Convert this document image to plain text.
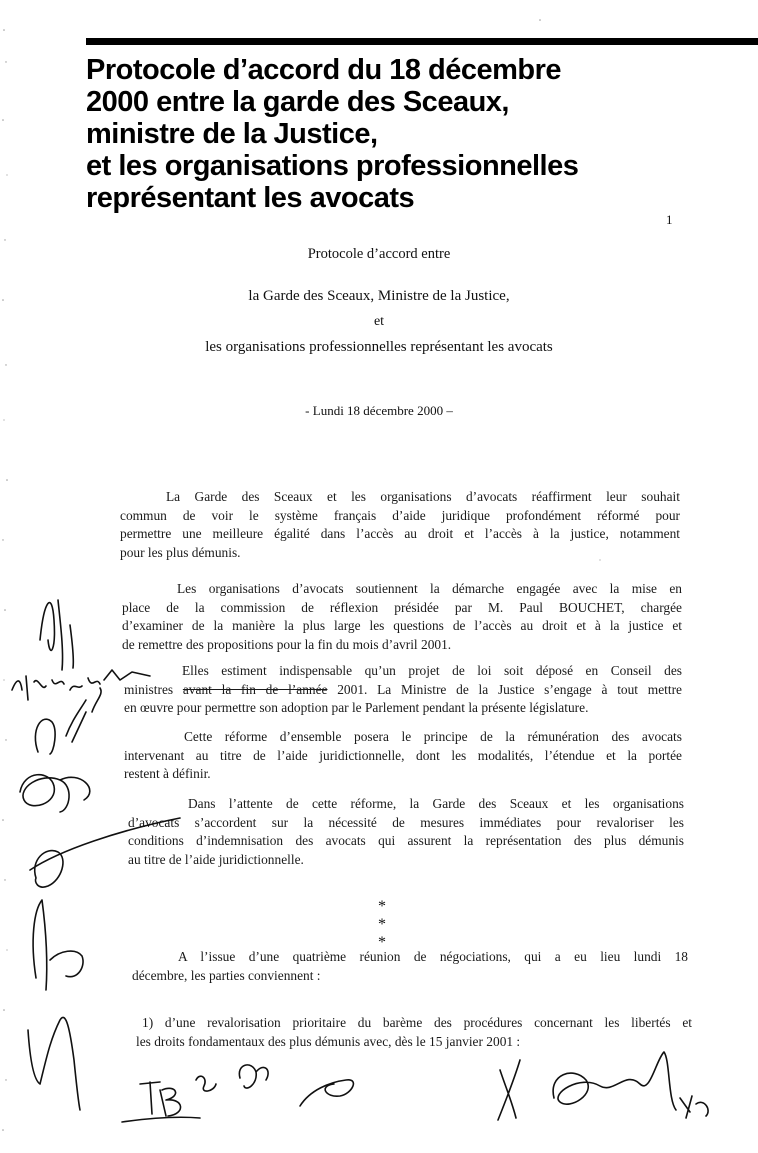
Protocole d’accord du 18 décembre
2000 entre la garde des Sceaux,
ministre de la Justice,
et les organisations professionnelles
représentant les avocats
1
Protocole d’accord entre
la Garde des Sceaux, Ministre de la Justice,
et
les organisations professionnelles représentant les avocats
- Lundi 18 décembre 2000 –
La Garde des Sceaux et les organisations d’avocats réaffirment leur souhait
commun de voir le système français d’aide juridique profondément réformé pour
permettre une meilleure égalité dans l’accès au droit et l’accès à la justice, notamment
pour les plus démunis.
Les organisations d’avocats soutiennent la démarche engagée avec la mise en
place de la commission de réflexion présidée par M. Paul BOUCHET, chargée
d’examiner de la manière la plus large les questions de l’accès au droit et à la justice et
de remettre des propositions pour la fin du mois d’avril 2001.
Elles estiment indispensable qu’un projet de loi soit déposé en Conseil des
ministres avant la fin de l’année 2001. La Ministre de la Justice s’engage à tout mettre
en œuvre pour permettre son adoption par le Parlement pendant la présente législature.
Cette réforme d’ensemble posera le principe de la rémunération des avocats
intervenant au titre de l’aide juridictionnelle, dont les modalités, l’étendue et la portée
restent à définir.
Dans l’attente de cette réforme, la Garde des Sceaux et les organisations
d’avocats s’accordent sur la nécessité de mesures immédiates pour revaloriser les
conditions d’indemnisation des avocats qui assurent la représentation des plus démunis
au titre de l’aide juridictionnelle.
* * *
A l’issue d’une quatrième réunion de négociations, qui a eu lieu lundi 18
décembre, les parties conviennent :
1) d’une revalorisation prioritaire du barème des procédures concernant les libertés et
les droits fondamentaux des plus démunis avec, dès le 15 janvier 2001 :
